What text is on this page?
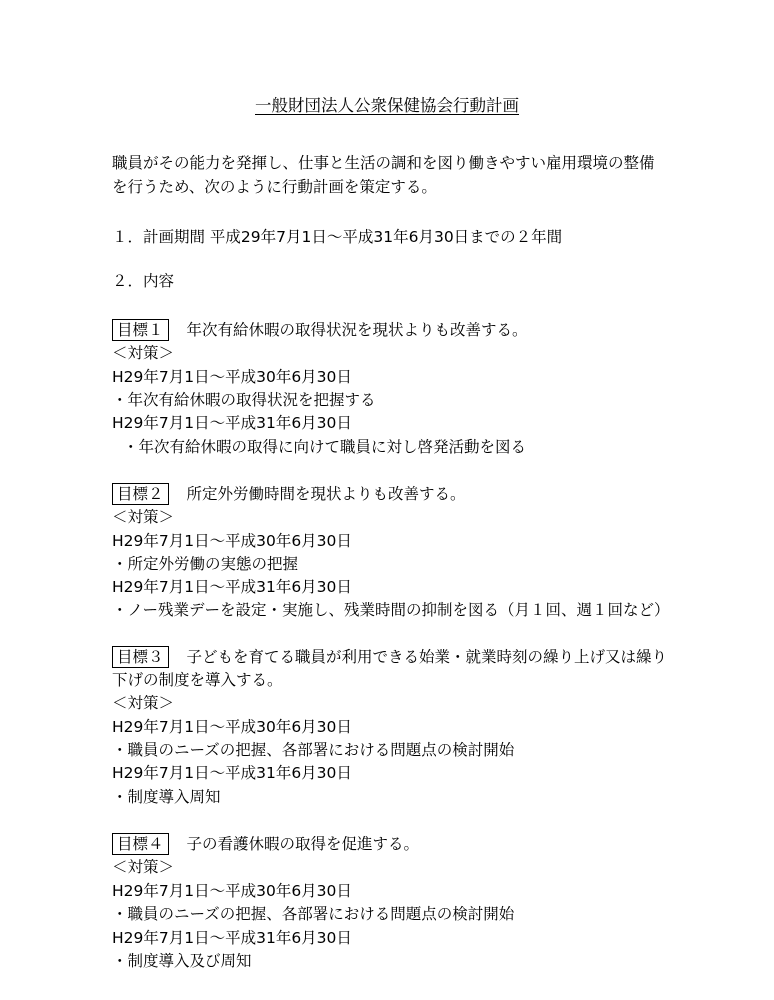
一般財団法人公衆保健協会行動計画
職員がその能力を発揮し、仕事と生活の調和を図り働きやすい雇用環境の整備
を行うため、次のように行動計画を策定する。
１．計画期間 平成29年7月1日～平成31年6月30日までの２年間
２．内容
目標１ 年次有給休暇の取得状況を現状よりも改善する。
＜対策＞
H29年7月1日～平成30年6月30日
・年次有給休暇の取得状況を把握する
H29年7月1日～平成31年6月30日
・年次有給休暇の取得に向けて職員に対し啓発活動を図る
目標２ 所定外労働時間を現状よりも改善する。
＜対策＞
H29年7月1日～平成30年6月30日
・所定外労働の実態の把握
H29年7月1日～平成31年6月30日
・ノー残業デーを設定・実施し、残業時間の抑制を図る（月１回、週１回など）
目標３ 子どもを育てる職員が利用できる始業・就業時刻の繰り上げ又は繰り
下げの制度を導入する。
＜対策＞
H29年7月1日～平成30年6月30日
・職員のニーズの把握、各部署における問題点の検討開始
H29年7月1日～平成31年6月30日
・制度導入周知
目標４ 子の看護休暇の取得を促進する。
＜対策＞
H29年7月1日～平成30年6月30日
・職員のニーズの把握、各部署における問題点の検討開始
H29年7月1日～平成31年6月30日
・制度導入及び周知
